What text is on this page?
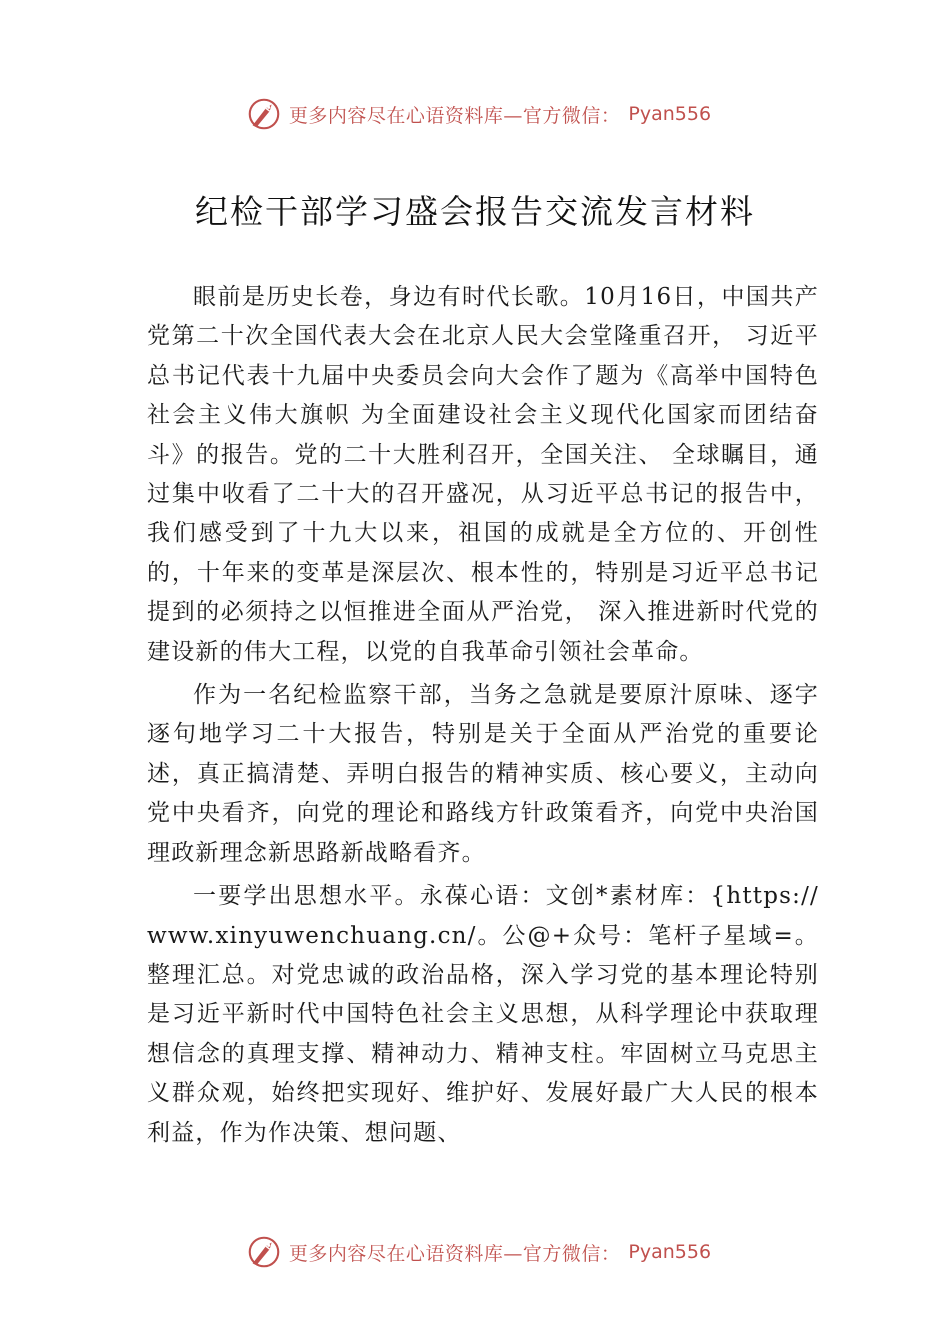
更多内容尽在心语资料库—官方微信： Pyan556
纪检干部学习盛会报告交流发言材料

眼前是历史长卷，身边有时代长歌。10月16日，中国共产党第二十次全国代表大会在北京人民大会堂隆重召开， 习近平总书记代表十九届中央委员会向大会作了题为《高举中国特色社会主义伟大旗帜 为全面建设社会主义现代化国家而团结奋斗》的报告。党的二十大胜利召开，全国关注、 全球瞩目，通过集中收看了二十大的召开盛况，从习近平总书记的报告中，我们感受到了十九大以来，祖国的成就是全方位的、开创性的，十年来的变革是深层次、根本性的，特别是习近平总书记提到的必须持之以恒推进全面从严治党， 深入推进新时代党的建设新的伟大工程，以党的自我革命引领社会革命。

作为一名纪检监察干部，当务之急就是要原汁原味、逐字逐句地学习二十大报告，特别是关于全面从严治党的重要论述，真正搞清楚、弄明白报告的精神实质、核心要义，主动向党中央看齐，向党的理论和路线方针政策看齐，向党中央治国理政新理念新思路新战略看齐。

一要学出思想水平。永葆心语：文创*素材库：{https://www.xinyuwenchuang.cn/。公@+众号：笔杆子星域=。整理汇总。对党忠诚的政治品格，深入学习党的基本理论特别是习近平新时代中国特色社会主义思想，从科学理论中获取理想信念的真理支撑、精神动力、精神支柱。牢固树立马克思主义群众观，始终把实现好、维护好、发展好最广大人民的根本利益，作为作决策、想问题、

更多内容尽在心语资料库—官方微信： Pyan556
